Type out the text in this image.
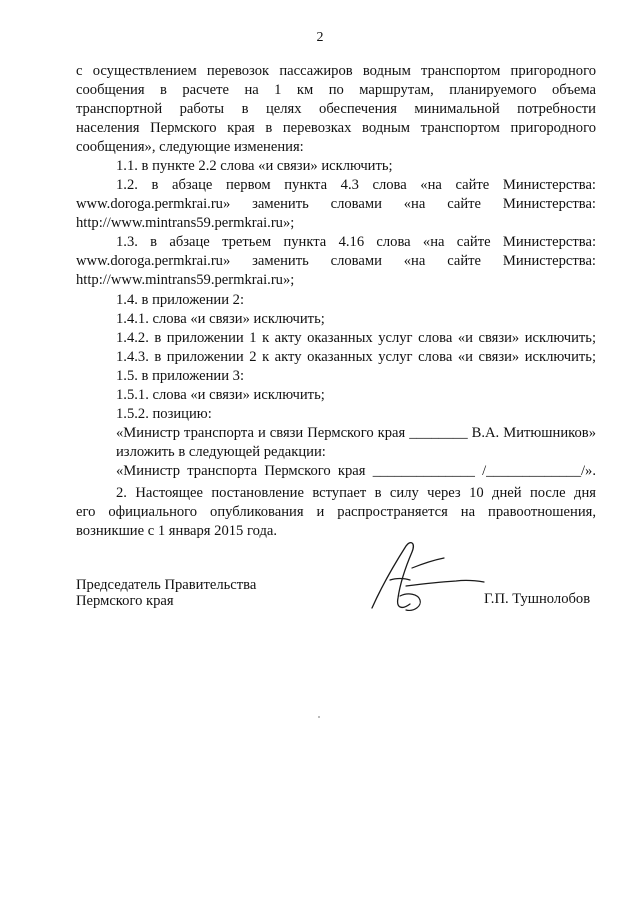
2
с осуществлением перевозок пассажиров водным транспортом пригородного
сообщения в расчете на 1 км по маршрутам, планируемого объема
транспортной работы в целях обеспечения минимальной потребности
населения Пермского края в перевозках водным транспортом пригородного
сообщения», следующие изменения:
1.1. в пункте 2.2 слова «и связи» исключить;
1.2. в абзаце первом пункта 4.3 слова «на сайте Министерства:
www.doroga.permkrai.ru» заменить словами «на сайте Министерства:
http://www.mintrans59.permkrai.ru»;
1.3. в абзаце третьем пункта 4.16 слова «на сайте Министерства:
www.doroga.permkrai.ru» заменить словами «на сайте Министерства:
http://www.mintrans59.permkrai.ru»;
1.4. в приложении 2:
1.4.1. слова «и связи» исключить;
1.4.2. в приложении 1 к акту оказанных услуг слова «и связи» исключить;
1.4.3. в приложении 2 к акту оказанных услуг слова «и связи» исключить;
1.5. в приложении 3:
1.5.1. слова «и связи» исключить;
1.5.2. позицию:
«Министр транспорта и связи Пермского края ________ В.А. Митюшников»
изложить в следующей редакции:
«Министр транспорта Пермского края ______________ /_____________/».
2. Настоящее постановление вступает в силу через 10 дней после дня
его официального опубликования и распространяется на правоотношения,
возникшие с 1 января 2015 года.
Председатель Правительства
Пермского края	Г.П. Тушнолобов
